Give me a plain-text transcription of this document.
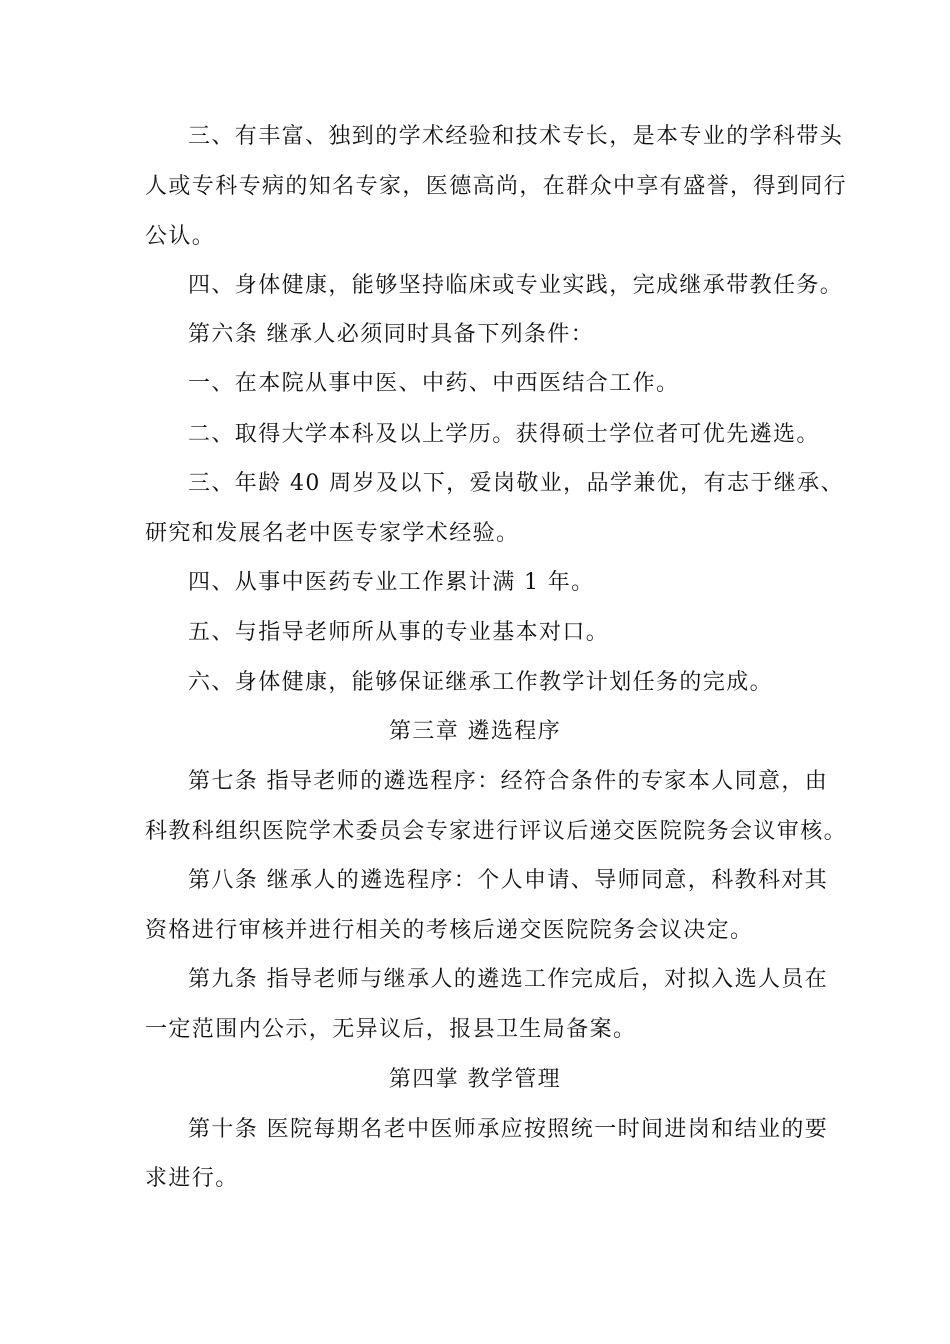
三、有丰富、独到的学术经验和技术专长，是本专业的学科带头
人或专科专病的知名专家，医德高尚，在群众中享有盛誉，得到同行
公认。
四、身体健康，能够坚持临床或专业实践，完成继承带教任务。
第六条 继承人必须同时具备下列条件：
一、在本院从事中医、中药、中西医结合工作。
二、取得大学本科及以上学历。获得硕士学位者可优先遴选。
三、年龄 40 周岁及以下，爱岗敬业，品学兼优，有志于继承、
研究和发展名老中医专家学术经验。
四、从事中医药专业工作累计满 1 年。
五、与指导老师所从事的专业基本对口。
六、身体健康，能够保证继承工作教学计划任务的完成。
第三章 遴选程序
第七条 指导老师的遴选程序：经符合条件的专家本人同意，由
科教科组织医院学术委员会专家进行评议后递交医院院务会议审核。
第八条 继承人的遴选程序：个人申请、导师同意，科教科对其
资格进行审核并进行相关的考核后递交医院院务会议决定。
第九条 指导老师与继承人的遴选工作完成后，对拟入选人员在
一定范围内公示，无异议后，报县卫生局备案。
第四掌 教学管理
第十条 医院每期名老中医师承应按照统一时间进岗和结业的要
求进行。
